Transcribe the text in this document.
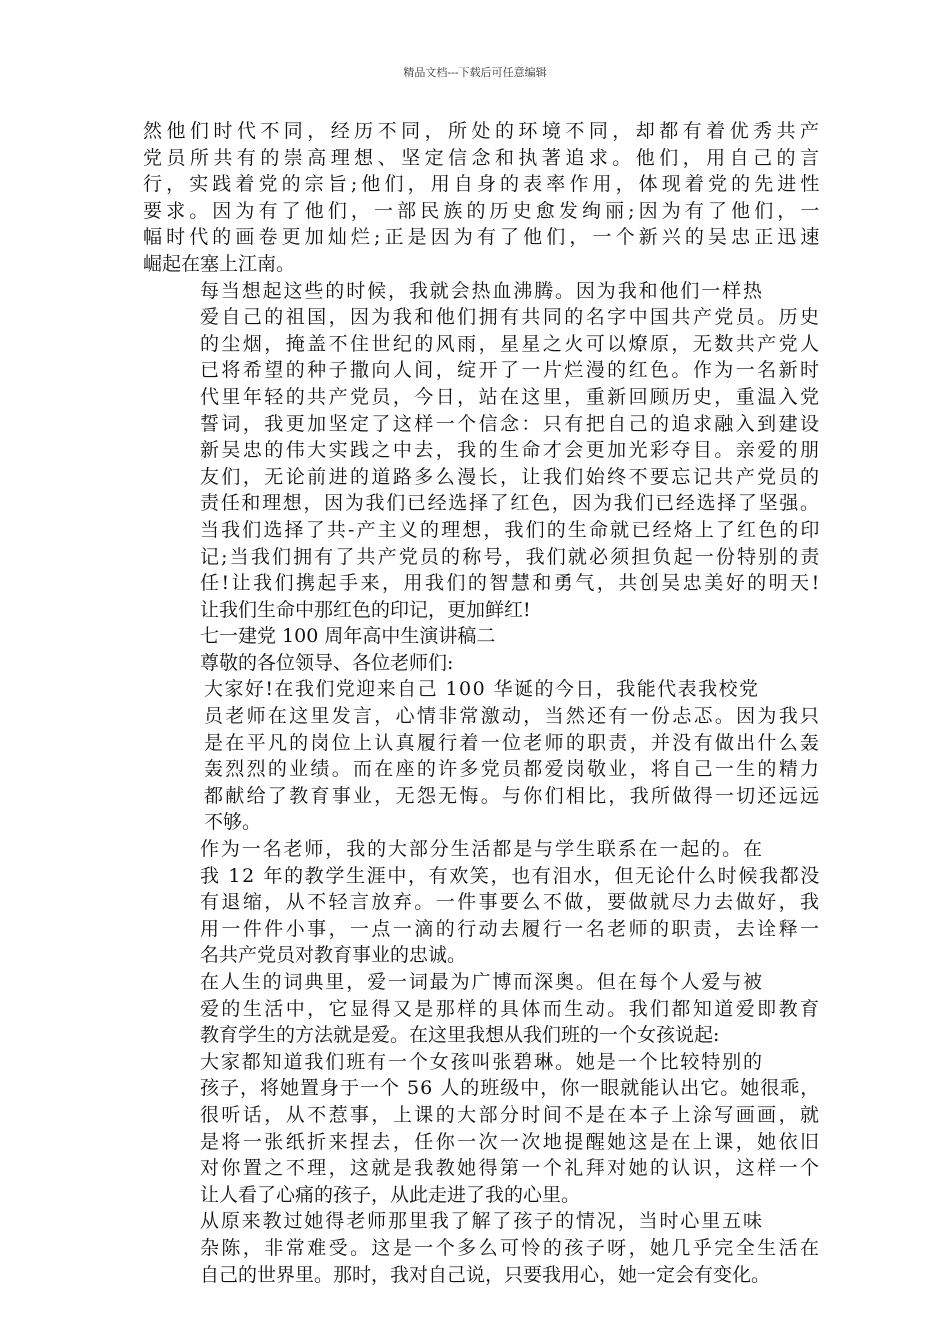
精品文档---下载后可任意编辑

然他们时代不同，经历不同，所处的环境不同，却都有着优秀共产
党员所共有的崇高理想、坚定信念和执著追求。他们，用自己的言
行，实践着党的宗旨;他们，用自身的表率作用，体现着党的先进性
要求。因为有了他们，一部民族的历史愈发绚丽;因为有了他们，一
幅时代的画卷更加灿烂;正是因为有了他们，一个新兴的吴忠正迅速
崛起在塞上江南。

每当想起这些的时候，我就会热血沸腾。因为我和他们一样热
爱自己的祖国，因为我和他们拥有共同的名字中国共产党员。历史
的尘烟，掩盖不住世纪的风雨，星星之火可以燎原，无数共产党人
已将希望的种子撒向人间，绽开了一片烂漫的红色。作为一名新时
代里年轻的共产党员，今日，站在这里，重新回顾历史，重温入党
誓词，我更加坚定了这样一个信念：只有把自己的追求融入到建设
新吴忠的伟大实践之中去，我的生命才会更加光彩夺目。亲爱的朋
友们，无论前进的道路多么漫长，让我们始终不要忘记共产党员的
责任和理想，因为我们已经选择了红色，因为我们已经选择了坚强。
当我们选择了共-产主义的理想，我们的生命就已经烙上了红色的印
记;当我们拥有了共产党员的称号，我们就必须担负起一份特别的责
任!让我们携起手来，用我们的智慧和勇气，共创吴忠美好的明天!
让我们生命中那红色的印记，更加鲜红!

七一建党 100 周年高中生演讲稿二

尊敬的各位领导、各位老师们:

大家好!在我们党迎来自己 100 华诞的今日，我能代表我校党
员老师在这里发言，心情非常激动，当然还有一份忐忑。因为我只
是在平凡的岗位上认真履行着一位老师的职责，并没有做出什么轰
轰烈烈的业绩。而在座的许多党员都爱岗敬业，将自己一生的精力
都献给了教育事业，无怨无悔。与你们相比，我所做得一切还远远
不够。

作为一名老师，我的大部分生活都是与学生联系在一起的。在
我 12 年的教学生涯中，有欢笑，也有泪水，但无论什么时候我都没
有退缩，从不轻言放弃。一件事要么不做，要做就尽力去做好，我
用一件件小事，一点一滴的行动去履行一名老师的职责，去诠释一
名共产党员对教育事业的忠诚。

在人生的词典里，爱一词最为广博而深奥。但在每个人爱与被
爱的生活中，它显得又是那样的具体而生动。我们都知道爱即教育
教育学生的方法就是爱。在这里我想从我们班的一个女孩说起:

大家都知道我们班有一个女孩叫张碧琳。她是一个比较特别的
孩子，将她置身于一个 56 人的班级中，你一眼就能认出它。她很乖，
很听话，从不惹事，上课的大部分时间不是在本子上涂写画画，就
是将一张纸折来捏去，任你一次一次地提醒她这是在上课，她依旧
对你置之不理，这就是我教她得第一个礼拜对她的认识，这样一个
让人看了心痛的孩子，从此走进了我的心里。

从原来教过她得老师那里我了解了孩子的情况，当时心里五味
杂陈，非常难受。这是一个多么可怜的孩子呀，她几乎完全生活在
自己的世界里。那时，我对自己说，只要我用心，她一定会有变化。
